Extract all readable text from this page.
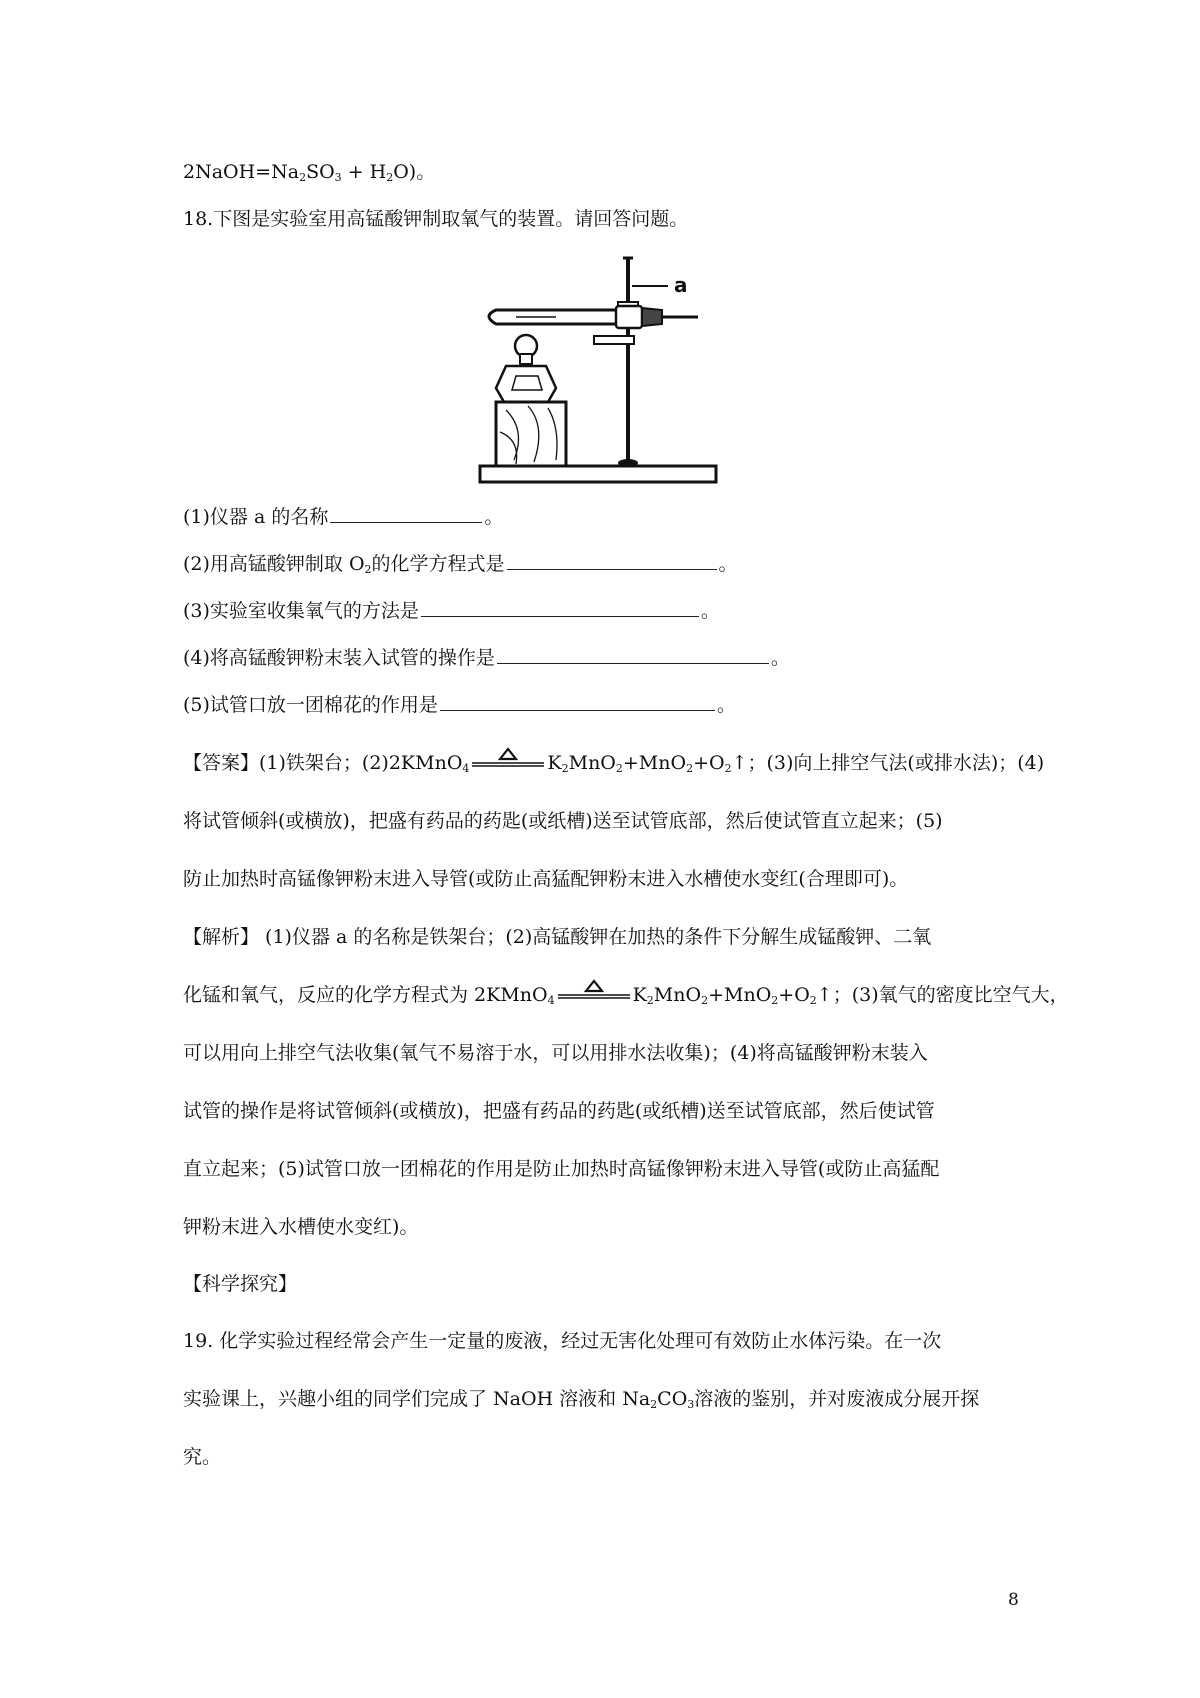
$2NaOH=Na_2SO_3 + H_2O$)。
18.下图是实验室用高锰酸钾制取氧气的装置。请回答问题。
a
(1)仪器 a 的名称	。
(2)用高锰酸钾制取 $O_2$的化学方程式是	。
(3)实验室收集氧气的方法是	。
(4)将高锰酸钾粉末装入试管的操作是	。
(5)试管口放一团棉花的作用是	。
【答案】(1)铁架台；(2)2KMnO$_4$	$K_2MnO_2+MnO_2+O_2↑$；(3)向上排空气法(或排水法)；(4)
将试管倾斜(或横放)，把盛有药品的药匙(或纸槽)送至试管底部，然后使试管直立起来；(5)
防止加热时高锰像钾粉末进入导管(或防止高猛配钾粉末进入水槽使水变红(合理即可)。
【解析】 (1)仪器 a 的名称是铁架台；(2)高锰酸钾在加热的条件下分解生成锰酸钾、二氧
化锰和氧气，反应的化学方程式为 2KMnO$_4$	$K_2MnO_2+MnO_2+O_2↑$；(3)氧气的密度比空气大，
可以用向上排空气法收集(氧气不易溶于水，可以用排水法收集)；(4)将高锰酸钾粉末装入
试管的操作是将试管倾斜(或横放)，把盛有药品的药匙(或纸槽)送至试管底部，然后使试管
直立起来；(5)试管口放一团棉花的作用是防止加热时高锰像钾粉末进入导管(或防止高猛配
钾粉末进入水槽使水变红)。
【科学探究】
19. 化学实验过程经常会产生一定量的废液，经过无害化处理可有效防止水体污染。在一次
实验课上，兴趣小组的同学们完成了 NaOH 溶液和 $Na_2CO_3$溶液的鉴别，并对废液成分展开探
究。
8
